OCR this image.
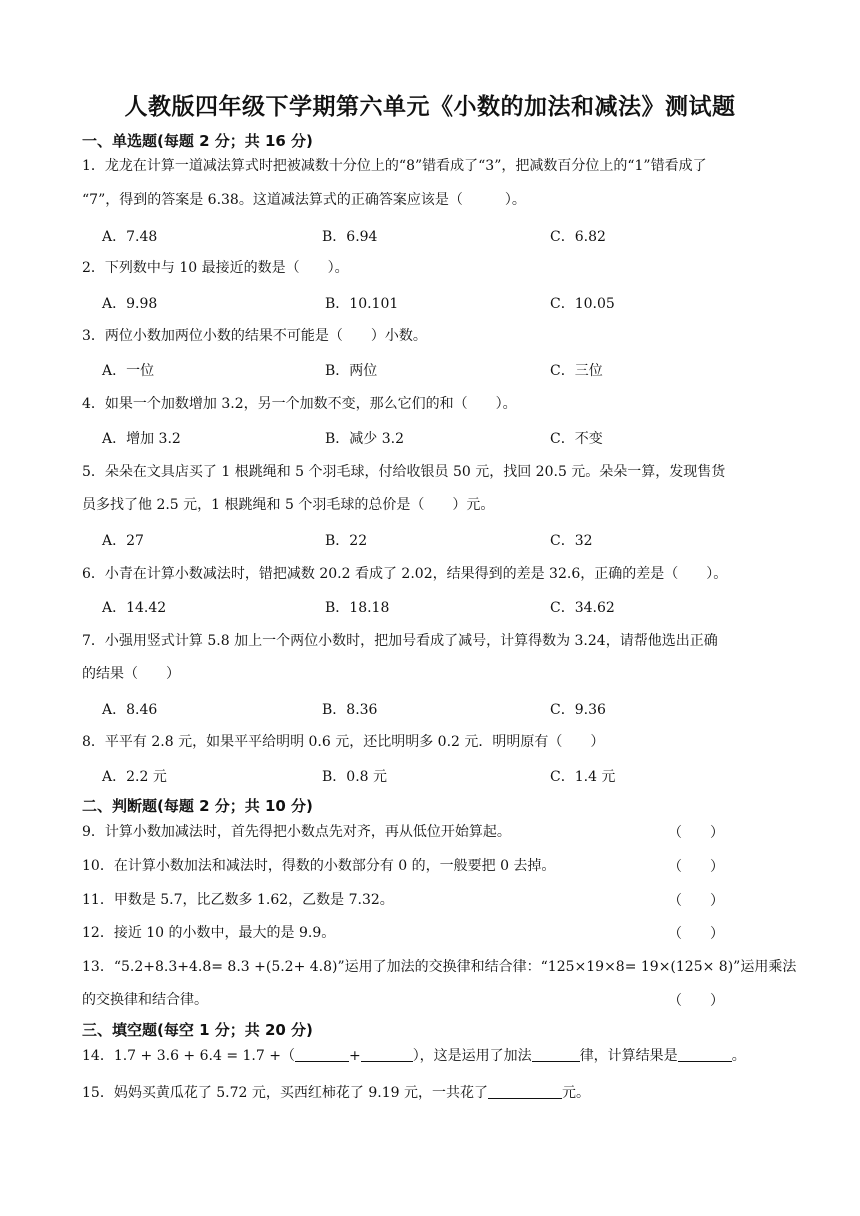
人教版四年级下学期第六单元《小数的加法和减法》测试题
一、单选题(每题 2 分；共 16 分)
1．龙龙在计算一道减法算式时把被减数十分位上的“8”错看成了“3”，把减数百分位上的“1”错看成了
“7”，得到的答案是 6.38。这道减法算式的正确答案应该是（　　　）。
A．7.48	B．6.94	C．6.82
2．下列数中与 10 最接近的数是（　　）。
A．9.98	B．10.101	C．10.05
3．两位小数加两位小数的结果不可能是（　　）小数。
A．一位	B．两位	C．三位
4．如果一个加数增加 3.2，另一个加数不变，那么它们的和（　　）。
A．增加 3.2	B．减少 3.2	C．不变
5．朵朵在文具店买了 1 根跳绳和 5 个羽毛球，付给收银员 50 元，找回 20.5 元。朵朵一算，发现售货
员多找了他 2.5 元，1 根跳绳和 5 个羽毛球的总价是（　　）元。
A．27	B．22	C．32
6．小青在计算小数减法时，错把减数 20.2 看成了 2.02，结果得到的差是 32.6，正确的差是（　　）。
A．14.42	B．18.18	C．34.62
7．小强用竖式计算 5.8 加上一个两位小数时，把加号看成了减号，计算得数为 3.24，请帮他选出正确
的结果（　　）
A．8.46	B．8.36	C．9.36
8．平平有 2.8 元，如果平平给明明 0.6 元，还比明明多 0.2 元．明明原有（　　）
A．2.2 元	B．0.8 元	C．1.4 元
二、判断题(每题 2 分；共 10 分)
9．计算小数加减法时，首先得把小数点先对齐，再从低位开始算起。	（　　）
10．在计算小数加法和减法时，得数的小数部分有 0 的，一般要把 0 去掉。	（　　）
11．甲数是 5.7，比乙数多 1.62，乙数是 7.32。	（　　）
12．接近 10 的小数中，最大的是 9.9。	（　　）
13．“5.2+8.3+4.8= 8.3 +(5.2+ 4.8)”运用了加法的交换律和结合律：“125×19×8= 19×(125× 8)”运用乘法
的交换律和结合律。	（　　）
三、填空题(每空 1 分；共 20 分)
14．1.7 + 3.6 + 6.4 = 1.7 +（	+	），这是运用了加法	律，计算结果是	。
15．妈妈买黄瓜花了 5.72 元，买西红柿花了 9.19 元，一共花了	元。
